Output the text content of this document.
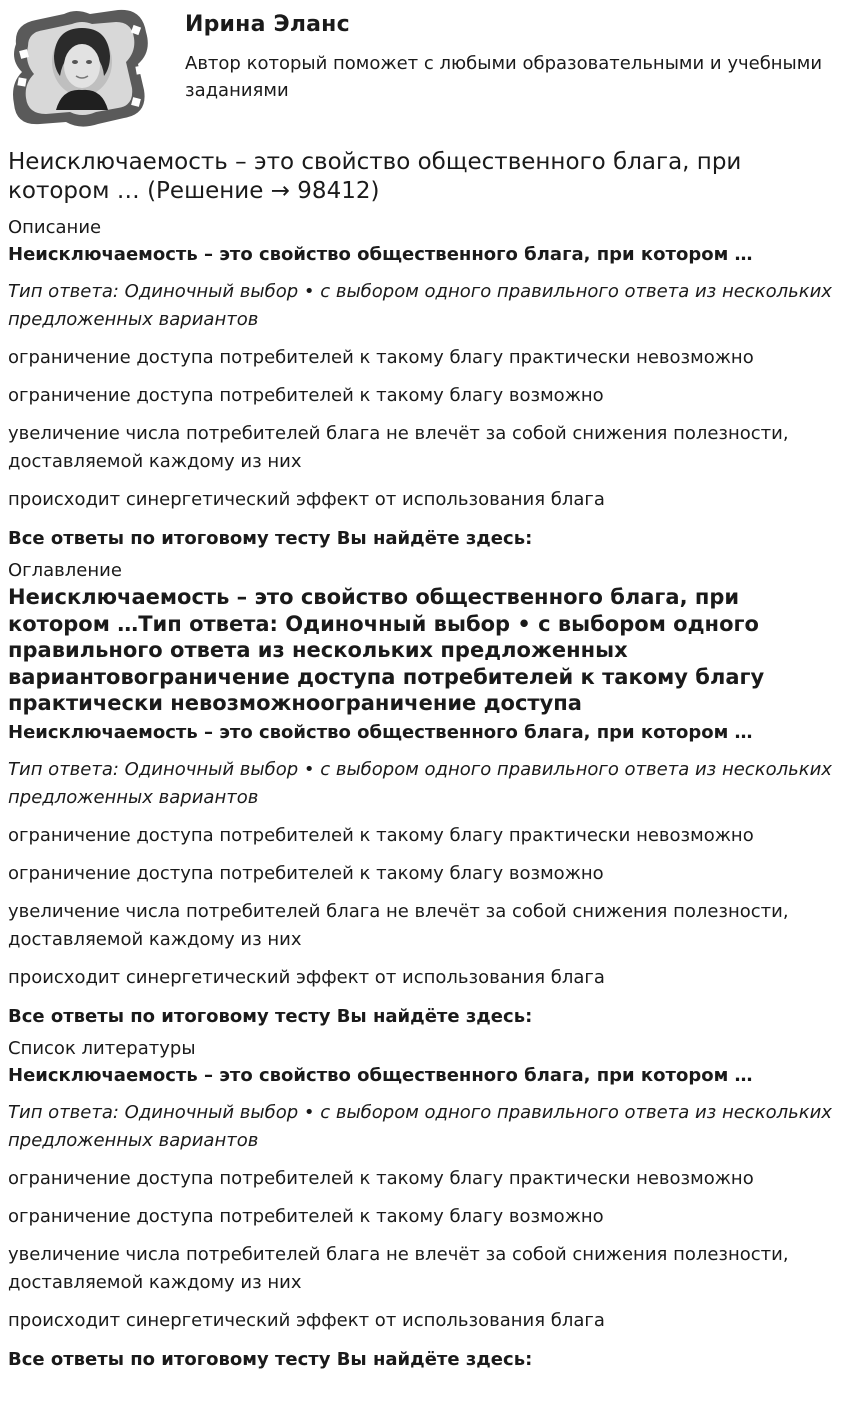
Ирина Эланс
Автор который поможет с любыми образовательными и учебными заданиями
Неисключаемость – это свойство общественного блага, при котором … (Решение → 98412)
Описание
Неисключаемость – это свойство общественного блага, при котором …
Тип ответа: Одиночный выбор • с выбором одного правильного ответа из нескольких предложенных вариантов
ограничение доступа потребителей к такому благу практически невозможно
ограничение доступа потребителей к такому благу возможно
увеличение числа потребителей блага не влечёт за собой снижения полезности, доставляемой каждому из них
происходит синергетический эффект от использования блага
Все ответы по итоговому тесту Вы найдёте здесь:
Оглавление
Неисключаемость – это свойство общественного блага, при котором …Тип ответа: Одиночный выбор • с выбором одного правильного ответа из нескольких предложенных вариантовограничение доступа потребителей к такому благу практически невозможноограничение доступа
Неисключаемость – это свойство общественного блага, при котором …
Тип ответа: Одиночный выбор • с выбором одного правильного ответа из нескольких предложенных вариантов
ограничение доступа потребителей к такому благу практически невозможно
ограничение доступа потребителей к такому благу возможно
увеличение числа потребителей блага не влечёт за собой снижения полезности, доставляемой каждому из них
происходит синергетический эффект от использования блага
Все ответы по итоговому тесту Вы найдёте здесь:
Список литературы
Неисключаемость – это свойство общественного блага, при котором …
Тип ответа: Одиночный выбор • с выбором одного правильного ответа из нескольких предложенных вариантов
ограничение доступа потребителей к такому благу практически невозможно
ограничение доступа потребителей к такому благу возможно
увеличение числа потребителей блага не влечёт за собой снижения полезности, доставляемой каждому из них
происходит синергетический эффект от использования блага
Все ответы по итоговому тесту Вы найдёте здесь:
